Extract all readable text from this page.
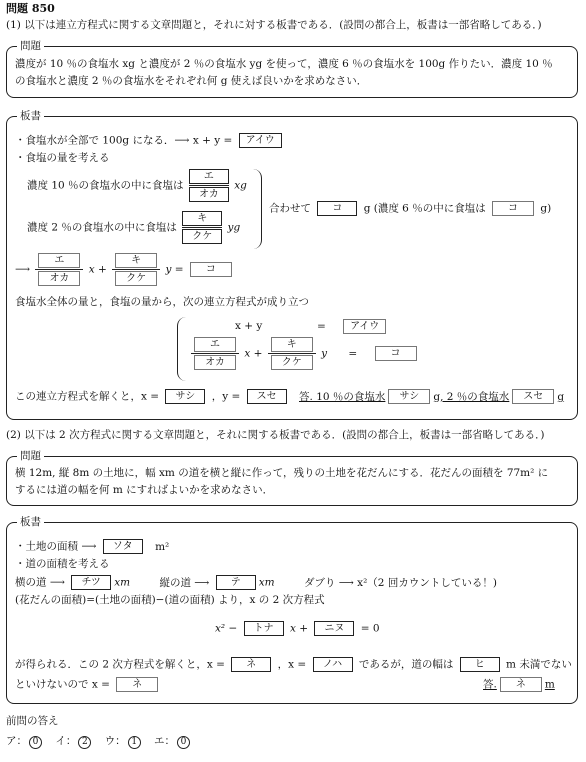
問題 850
(1) 以下は連立方程式に関する文章問題と，それに対する板書である．(設問の都合上，板書は一部省略してある．)
問題
濃度が 10 ％の食塩水 xg と濃度が 2 ％の食塩水 yg を使って，濃度 6 ％の食塩水を 100g 作りたい．濃度 10 ％
の食塩水と濃度 2 ％の食塩水をそれぞれ何 g 使えば良いかを求めなさい．
板書
・食塩水が全部で 100g になる．⟶ x + y = アイウ
・食塩の量を考える
濃度 10 ％の食塩水の中に食塩は
エ
オカ
xg
濃度 2 ％の食塩水の中に食塩は
キ
クケ
yg
合わせて コ g (濃度 6 ％の中に食塩は コ g)
⟶
エ
オカ
x +
キ
クケ
y = コ
食塩水全体の量と，食塩の量から，次の連立方程式が成り立つ
x + y	= アイウ
エ
オカ
x +
キ
クケ
y =	コ
この連立方程式を解くと，x = サシ ，y = スセ 答. 10 ％の食塩水 サシ g, 2 ％の食塩水 スセ g
(2) 以下は 2 次方程式に関する文章問題と，それに関する板書である．(設問の都合上，板書は一部省略してある．)
問題
横 12m, 縦 8m の土地に，幅 xm の道を横と縦に作って，残りの土地を花だんにする．花だんの面積を 77m² に
するには道の幅を何 m にすればよいかを求めなさい．
板書
・土地の面積 ⟶ ソタ m²
・道の面積を考える
横の道 ⟶ チツ xm	縦の道 ⟶ テ xm	ダブり ⟶ x²（2 回カウントしている！)
(花だんの面積)=(土地の面積)−(道の面積) より，x の 2 次方程式
x² − トナ x + ニヌ = 0
が得られる．この 2 次方程式を解くと，x = ネ ，x = ノハ であるが，道の幅は ヒ m 未満でない
といけないので x = ネ	答. ネ m
前問の答え
ア： 0 イ： 2 ウ： 1 エ： 0
